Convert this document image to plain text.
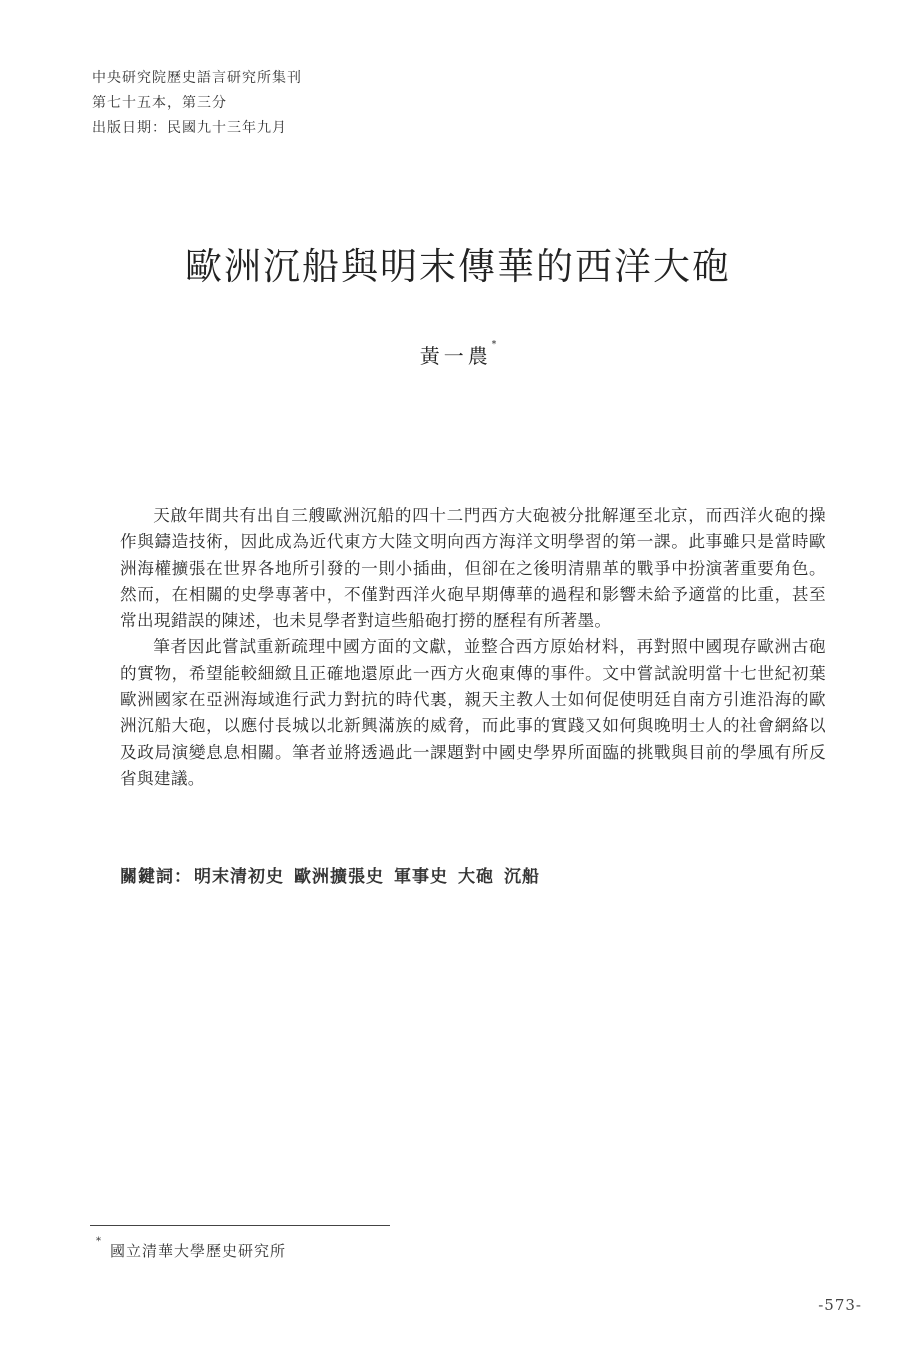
中央研究院歷史語言研究所集刊
第七十五本，第三分
出版日期：民國九十三年九月
歐洲沉船與明末傳華的西洋大砲
黃一農*

天啟年間共有出自三艘歐洲沉船的四十二門西方大砲被分批解運至北京，而西洋火砲的操作與鑄造技術，因此成為近代東方大陸文明向西方海洋文明學習的第一課。此事雖只是當時歐洲海權擴張在世界各地所引發的一則小插曲，但卻在之後明清鼎革的戰爭中扮演著重要角色。然而，在相關的史學專著中，不僅對西洋火砲早期傳華的過程和影響未給予適當的比重，甚至常出現錯誤的陳述，也未見學者對這些船砲打撈的歷程有所著墨。

筆者因此嘗試重新疏理中國方面的文獻，並整合西方原始材料，再對照中國現存歐洲古砲的實物，希望能較細緻且正確地還原此一西方火砲東傳的事件。文中嘗試說明當十七世紀初葉歐洲國家在亞洲海域進行武力對抗的時代裏，親天主教人士如何促使明廷自南方引進沿海的歐洲沉船大砲，以應付長城以北新興滿族的威脅，而此事的實踐又如何與晚明士人的社會網絡以及政局演變息息相關。筆者並將透過此一課題對中國史學界所面臨的挑戰與目前的學風有所反省與建議。

關鍵詞： 明末清初史 歐洲擴張史 軍事史 大砲 沉船
*
國立清華大學歷史研究所
-573-
